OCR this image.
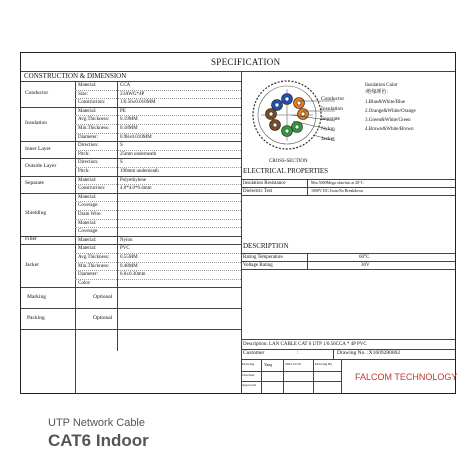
SPECIFICATION
CONSTRUCTION & DIMENSION
Conductor
Insulation
Separate
Nylon
Jacket
CROSS-SECTION
Insulation Color
/绝缘颜色:
1.Blue&White/Blue
2.Orange&White/Orange
3.Green&White/Green
4.Brown&White/Brown
ELECTRICAL PROPERTIES
Insulation Resistance	Min 5000Mega ohm-km at 20°C
Dielectric Test	1000V DC/1min;No Breakdown
DESCRIPTION
Rating Temperature	60°C
Voltage Rating	30V
Description: LAN CABLE CAT 6 UTP 1/0.56CCA * 4P PVC
Customer	:	Drawing No. :X1609280002
Drawing
Checked
Approved
Yang	2022.10.20	Drawing By
FALCOM TECHNOLOGY
Conductor
Material:	CCA
Size:	23AWG*4P
Construction:	1/0.56±0.010MM
Insulation
Material:	PE
Avg.Thickness: 0.19MM
Min.Thickness: 0.18MM
Diameter:	0.98±0.010MM
Inner Layer
Direction:	S
Pitch:	25mm underneath
Outside Layer
Direction:	S
Pitch:	190mm underneath
Separate
Material:	Polyethylene
Construction:	4.0*4.0*0.4mm
Shielding
Material:
Coverage:
Drain Wire:
Material:
Coverage:
Filler	Material:	Nylon
Jacket
Material:	PVC
Avg.Thickness: 0.55MM
Min.Thickness: 0.48MM
Diameter:	6.0±0.30mm
Color:
Marking	Optional
Packing	Optional
UTP Network Cable
CAT6 Indoor
